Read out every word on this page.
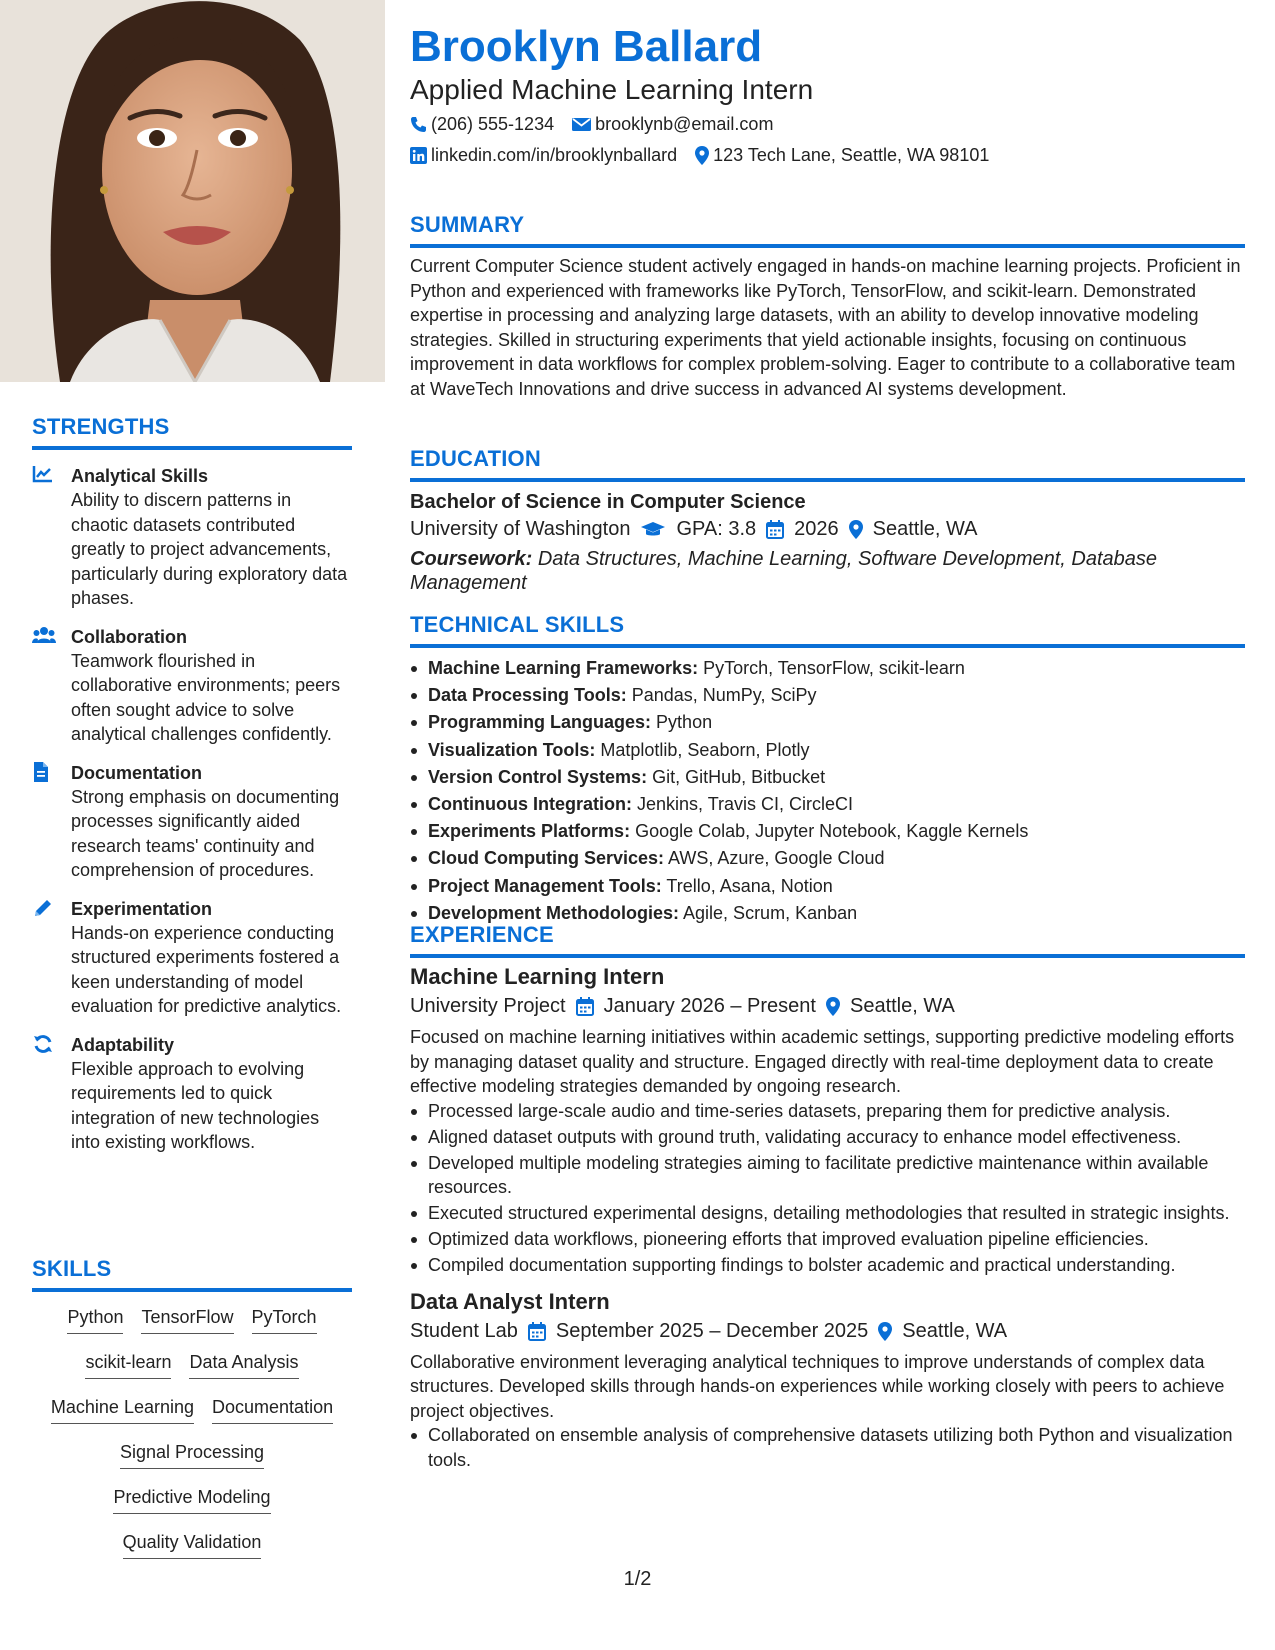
STRENGTHS
Analytical Skills
Ability to discern patterns in chaotic datasets contributed greatly to project advancements, particularly during exploratory data phases.
Collaboration
Teamwork flourished in collaborative environments; peers often sought advice to solve analytical challenges confidently.
Documentation
Strong emphasis on documenting processes significantly aided research teams' continuity and comprehension of procedures.
Experimentation
Hands-on experience conducting structured experiments fostered a keen understanding of model evaluation for predictive analytics.
Adaptability
Flexible approach to evolving requirements led to quick integration of new technologies into existing workflows.
SKILLS
Python TensorFlow PyTorch
scikit-learn Data Analysis
Machine Learning Documentation
Signal Processing
Predictive Modeling
Quality Validation
Brooklyn Ballard
Applied Machine Learning Intern
(206) 555-1234 brooklynb@email.com
linkedin.com/in/brooklynballard 123 Tech Lane, Seattle, WA 98101
SUMMARY
Current Computer Science student actively engaged in hands-on machine learning projects. Proficient in Python and experienced with frameworks like PyTorch, TensorFlow, and scikit-learn. Demonstrated expertise in processing and analyzing large datasets, with an ability to develop innovative modeling strategies. Skilled in structuring experiments that yield actionable insights, focusing on continuous improvement in data workflows for complex problem-solving. Eager to contribute to a collaborative team at WaveTech Innovations and drive success in advanced AI systems development.
EDUCATION
Bachelor of Science in Computer Science
University of Washington GPA: 3.8 2026 Seattle, WA
Coursework: Data Structures, Machine Learning, Software Development, Database Management
TECHNICAL SKILLS
Machine Learning Frameworks: PyTorch, TensorFlow, scikit-learn
Data Processing Tools: Pandas, NumPy, SciPy
Programming Languages: Python
Visualization Tools: Matplotlib, Seaborn, Plotly
Version Control Systems: Git, GitHub, Bitbucket
Continuous Integration: Jenkins, Travis CI, CircleCI
Experiments Platforms: Google Colab, Jupyter Notebook, Kaggle Kernels
Cloud Computing Services: AWS, Azure, Google Cloud
Project Management Tools: Trello, Asana, Notion
Development Methodologies: Agile, Scrum, Kanban
EXPERIENCE
Machine Learning Intern
University Project January 2026 – Present Seattle, WA
Focused on machine learning initiatives within academic settings, supporting predictive modeling efforts by managing dataset quality and structure. Engaged directly with real-time deployment data to create effective modeling strategies demanded by ongoing research.
Processed large-scale audio and time-series datasets, preparing them for predictive analysis.
Aligned dataset outputs with ground truth, validating accuracy to enhance model effectiveness.
Developed multiple modeling strategies aiming to facilitate predictive maintenance within available resources.
Executed structured experimental designs, detailing methodologies that resulted in strategic insights.
Optimized data workflows, pioneering efforts that improved evaluation pipeline efficiencies.
Compiled documentation supporting findings to bolster academic and practical understanding.
Data Analyst Intern
Student Lab September 2025 – December 2025 Seattle, WA
Collaborative environment leveraging analytical techniques to improve understands of complex data structures. Developed skills through hands-on experiences while working closely with peers to achieve project objectives.
Collaborated on ensemble analysis of comprehensive datasets utilizing both Python and visualization tools.
1/2
